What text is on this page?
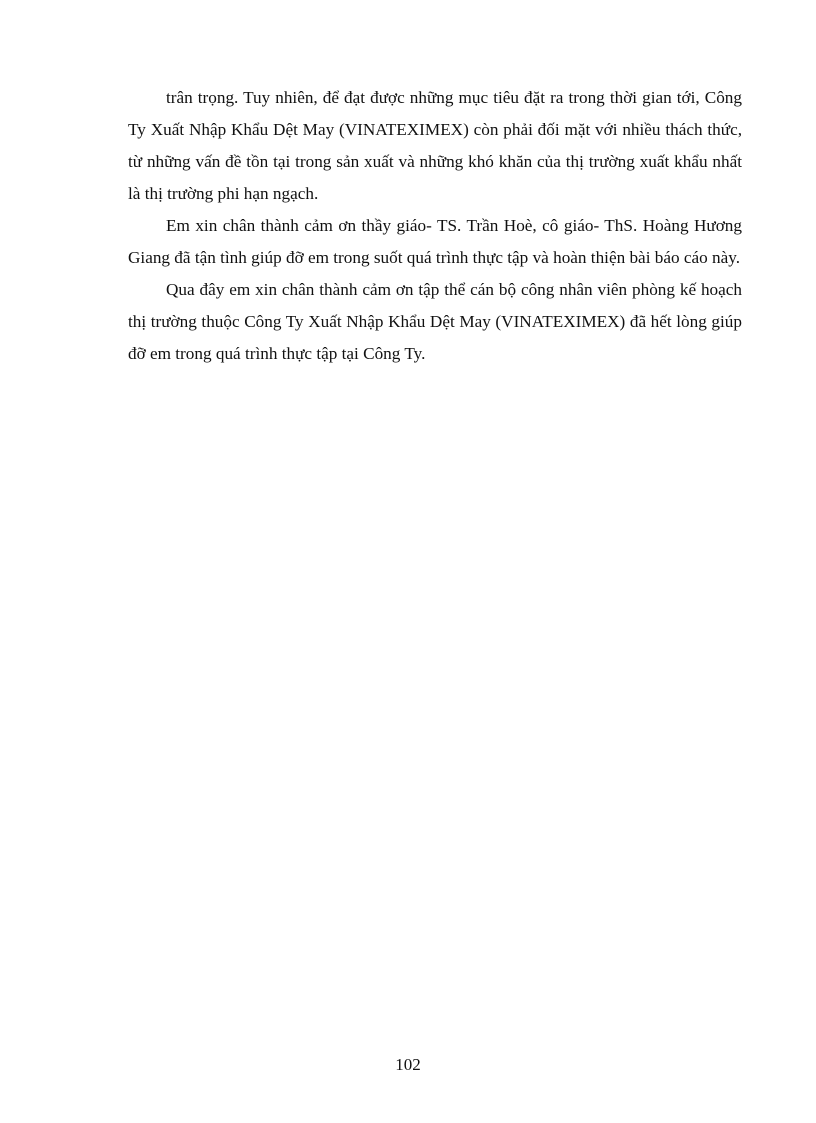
trân trọng. Tuy nhiên, để đạt được những mục tiêu đặt ra trong thời gian tới, Công Ty Xuất Nhập Khẩu Dệt May (VINATEXIMEX) còn phải đối mặt với nhiều thách thức, từ những vấn đề tồn tại trong sản xuất và những khó khăn của thị trường xuất khẩu nhất là thị trường phi hạn ngạch.

Em xin chân thành cảm ơn thầy giáo- TS. Trần Hoè, cô giáo- ThS. Hoàng Hương Giang đã tận tình giúp đỡ em trong suốt quá trình thực tập và hoàn thiện bài báo cáo này.

Qua đây em xin chân thành cảm ơn tập thể cán bộ công nhân viên phòng kế hoạch thị trường thuộc Công Ty Xuất Nhập Khẩu Dệt May (VINATEXIMEX) đã hết lòng giúp đỡ em trong quá trình thực tập tại Công Ty.

102
